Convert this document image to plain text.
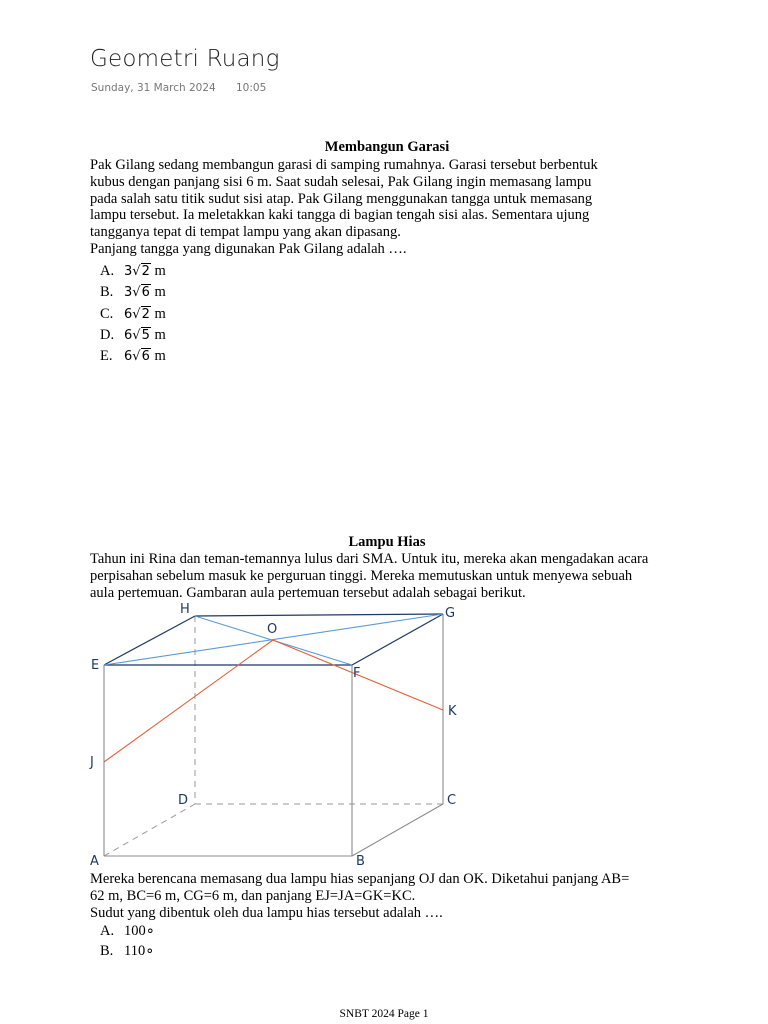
Geometri Ruang
Sunday, 31 March 2024 10:05
Membangun Garasi
Pak Gilang sedang membangun garasi di samping rumahnya. Garasi tersebut berbentuk
kubus dengan panjang sisi 6 m. Saat sudah selesai, Pak Gilang ingin memasang lampu
pada salah satu titik sudut sisi atap. Pak Gilang menggunakan tangga untuk memasang
lampu tersebut. Ia meletakkan kaki tangga di bagian tengah sisi alas. Sementara ujung
tangganya tepat di tempat lampu yang akan dipasang.
Panjang tangga yang digunakan Pak Gilang adalah ….
A. 3√2 m
B. 3√6 m
C. 6√2 m
D. 6√5 m
E. 6√6 m
Lampu Hias
Tahun ini Rina dan teman-temannya lulus dari SMA. Untuk itu, mereka akan mengadakan acara
perpisahan sebelum masuk ke perguruan tinggi. Mereka memutuskan untuk menyewa sebuah
aula pertemuan. Gambaran aula pertemuan tersebut adalah sebagai berikut.
H	G
O
E
F
K
J
D	C
A	B
Mereka berencana memasang dua lampu hias sepanjang OJ dan OK. Diketahui panjang AB=
62 m, BC=6 m, CG=6 m, dan panjang EJ=JA=GK=KC.
Sudut yang dibentuk oleh dua lampu hias tersebut adalah ….
A. 100∘
B. 110∘
SNBT 2024 Page 1
